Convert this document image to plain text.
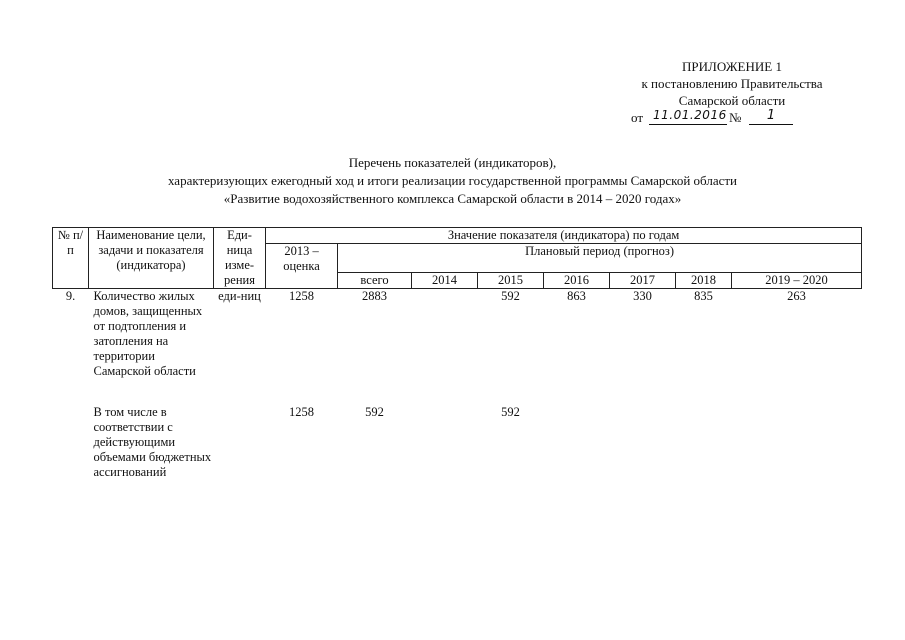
ПРИЛОЖЕНИЕ 1
к постановлению Правительства
Самарской области
от 11.01.2016 №	1
Перечень показателей (индикаторов),
характеризующих ежегодный ход и итоги реализации государственной программы Самарской области
«Развитие водохозяйственного комплекса Самарской области в 2014 – 2020 годах»
№ п/п	Наименование цели, задачи и показателя (индикатора)	Еди-ница изме-рения	Значение показателя (индикатора) по годам							
			2013 – оценка	Плановый период (прогноз)						
				всего	2014	2015	2016	2017	2018	2019 – 2020
9.	Количество жилых домов, защищенных от подтопления и затопления на территории Самарской области	еди-ниц	1258	2883		592	863	330	835	263
	В том числе в соответствии с действующими объемами бюджетных ассигнований		1258	592		592				
